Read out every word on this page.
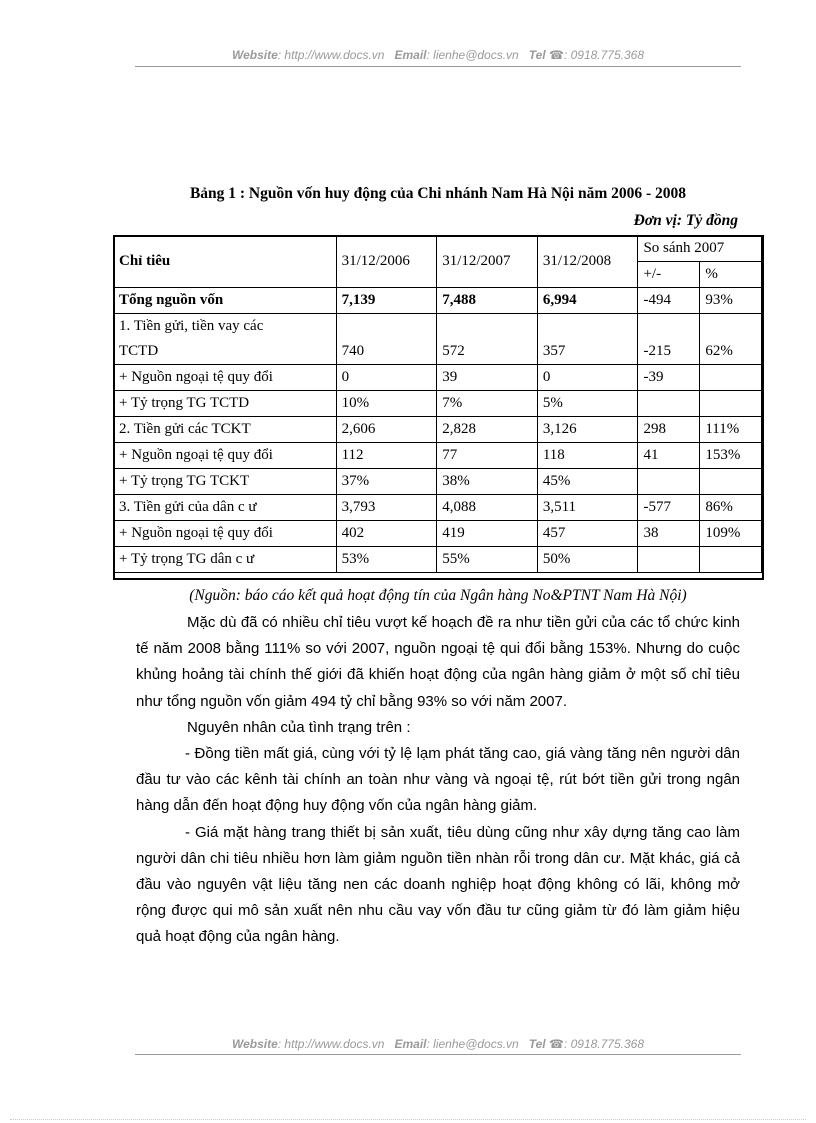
Website: http://www.docs.vn Email: lienhe@docs.vn Tel ☎: 0918.775.368
Bảng 1 : Nguồn vốn huy động của Chi nhánh Nam Hà Nội năm 2006 - 2008
Đơn vị: Tỷ đồng
Chỉ tiêu	31/12/2006	31/12/2007	31/12/2008	So sánh 2007	
				+/-	%
Tổng nguồn vốn	7,139	7,488	6,994	-494	93%
1. Tiền gửi, tiền vay các					
TCTD	740	572	357	-215	62%
+ Nguồn ngoại tệ quy đổi	0	39	0	-39	
+ Tỷ trọng TG TCTD	10%	7%	5%		
2. Tiền gửi các TCKT	2,606	2,828	3,126	298	111%
+ Nguồn ngoại tệ quy đổi	112	77	118	41	153%
+ Tỷ trọng TG TCKT	37%	38%	45%		
3. Tiền gửi của dân c ư	3,793	4,088	3,511	-577	86%
+ Nguồn ngoại tệ quy đổi	402	419	457	38	109%
+ Tỷ trọng TG dân c ư	53%	55%	50%		
(Nguồn: báo cáo kết quả hoạt động tín của Ngân hàng No&PTNT Nam Hà Nội)

Mặc dù đã có nhiều chỉ tiêu vượt kế hoạch đề ra như tiền gửi của các tổ chức kinh tế năm 2008 bằng 111% so với 2007, nguồn ngoại tệ qui đổi bằng 153%. Nhưng do cuộc khủng hoảng tài chính thế giới đã khiến hoạt động của ngân hàng giảm ở một số chỉ tiêu như tổng nguồn vốn giảm 494 tỷ chỉ bằng 93% so với năm 2007.

Nguyên nhân của tình trạng trên :

- Đồng tiền mất giá, cùng với tỷ lệ lạm phát tăng cao, giá vàng tăng nên người dân đầu tư vào các kênh tài chính an toàn như vàng và ngoại tệ, rút bớt tiền gửi trong ngân hàng dẫn đến hoạt động huy động vốn của ngân hàng giảm.

- Giá mặt hàng trang thiết bị sản xuất, tiêu dùng cũng như xây dựng tăng cao làm người dân chi tiêu nhiều hơn làm giảm nguồn tiền nhàn rỗi trong dân cư. Mặt khác, giá cả đầu vào nguyên vật liệu tăng nen các doanh nghiệp hoạt động không có lãi, không mở rộng được qui mô sản xuất nên nhu cầu vay vốn đầu tư cũng giảm từ đó làm giảm hiệu quả hoạt động của ngân hàng.

Website: http://www.docs.vn Email: lienhe@docs.vn Tel ☎: 0918.775.368
